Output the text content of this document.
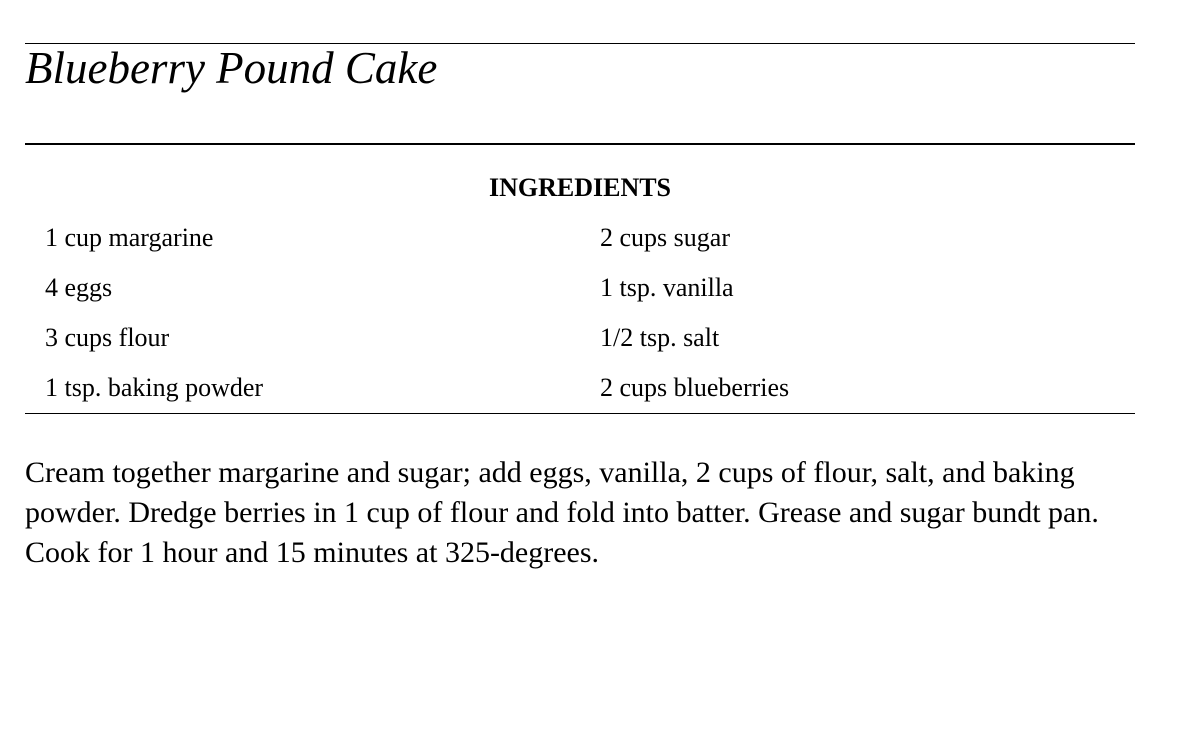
Blueberry Pound Cake
INGREDIENTS
1 cup margarine	2 cups sugar
4 eggs	1 tsp. vanilla
3 cups flour	1/2 tsp. salt
1 tsp. baking powder	2 cups blueberries

Cream together margarine and sugar; add eggs, vanilla, 2 cups of flour, salt, and baking powder. Dredge berries in 1 cup of flour and fold into batter. Grease and sugar bundt pan. Cook for 1 hour and 15 minutes at 325-degrees.
